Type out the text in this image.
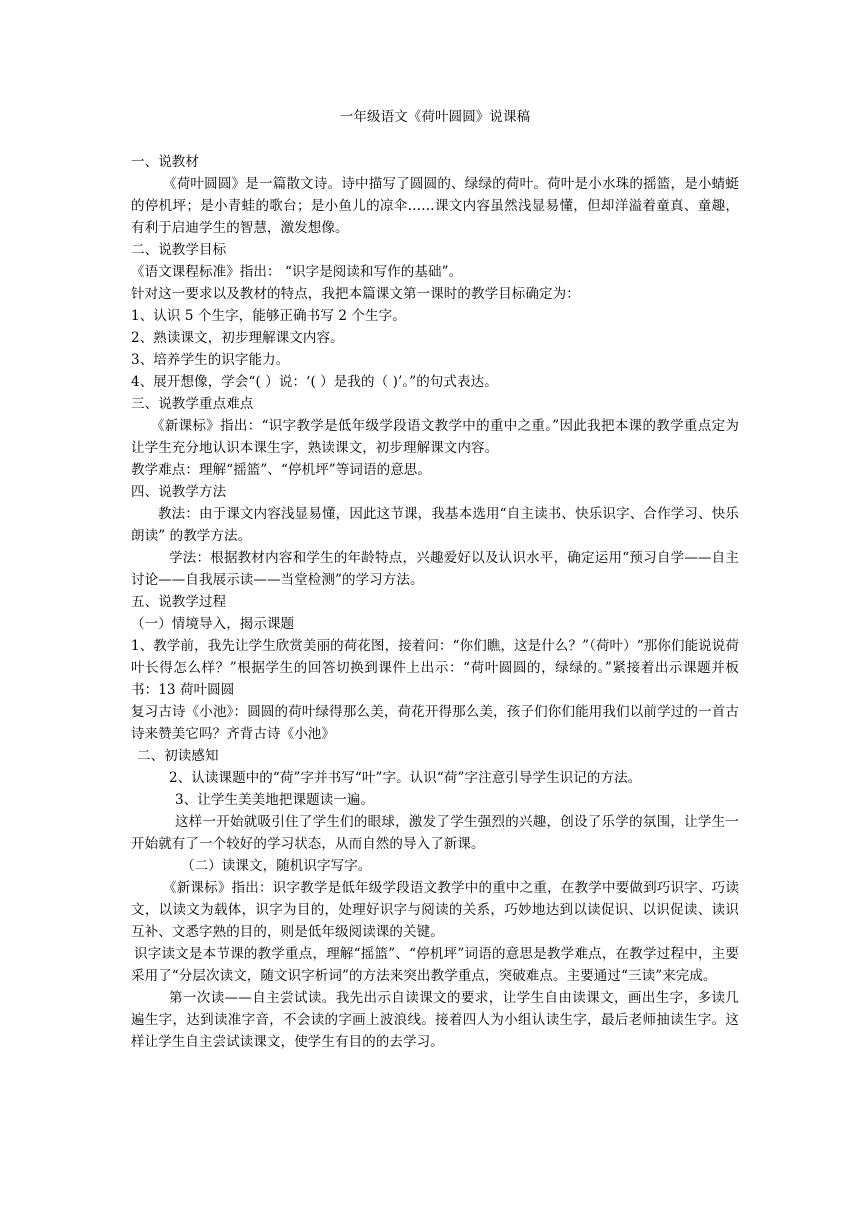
一年级语文《荷叶圆圆》说课稿

一、说教材

《荷叶圆圆》是一篇散文诗。诗中描写了圆圆的、绿绿的荷叶。荷叶是小水珠的摇篮，是小蜻蜓的停机坪；是小青蛙的歌台；是小鱼儿的凉伞……课文内容虽然浅显易懂，但却洋溢着童真、童趣，有利于启迪学生的智慧，激发想像。

二、说教学目标

《语文课程标准》指出： “识字是阅读和写作的基础”。

针对这一要求以及教材的特点，我把本篇课文第一课时的教学目标确定为：

1、认识 5 个生字，能够正确书写 2 个生字。

2、熟读课文，初步理解课文内容。

3、培养学生的识字能力。

4、展开想像，学会“( ）说：‘( ）是我的（ )’。”的句式表达。

三、说教学重点难点

《新课标》指出：“识字教学是低年级学段语文教学中的重中之重。”因此我把本课的教学重点定为让学生充分地认识本课生字，熟读课文，初步理解课文内容。

教学难点：理解“摇篮”、“停机坪”等词语的意思。

四、说教学方法

教法：由于课文内容浅显易懂，因此这节课，我基本选用“自主读书、快乐识字、合作学习、快乐朗读” 的教学方法。

学法：根据教材内容和学生的年龄特点，兴趣爱好以及认识水平，确定运用“预习自学——自主讨论——自我展示读——当堂检测”的学习方法。

五、说教学过程

（一）情境导入，揭示课题

1、教学前，我先让学生欣赏美丽的荷花图，接着问：“你们瞧，这是什么？”（荷叶）“那你们能说说荷叶长得怎么样？”根据学生的回答切换到课件上出示：“荷叶圆圆的，绿绿的。”紧接着出示课题并板书：13 荷叶圆圆

复习古诗《小池》：圆圆的荷叶绿得那么美，荷花开得那么美，孩子们你们能用我们以前学过的一首古诗来赞美它吗？齐背古诗《小池》

二、初读感知

2、认读课题中的“荷”字并书写“叶”字。认识“荷”字注意引导学生识记的方法。

3、让学生美美地把课题读一遍。

这样一开始就吸引住了学生们的眼球，激发了学生强烈的兴趣，创设了乐学的氛围，让学生一开始就有了一个较好的学习状态，从而自然的导入了新课。

（二）读课文，随机识字写字。

《新课标》指出：识字教学是低年级学段语文教学中的重中之重，在教学中要做到巧识字、巧读文，以读文为载体，识字为目的，处理好识字与阅读的关系，巧妙地达到以读促识、以识促读、读识互补、文悉字熟的目的，则是低年级阅读课的关键。

识字读文是本节课的教学重点，理解“摇篮”、“停机坪”词语的意思是教学难点，在教学过程中，主要采用了“分层次读文，随文识字析词”的方法来突出教学重点，突破难点。主要通过“三读”来完成。

第一次读——自主尝试读。我先出示自读课文的要求，让学生自由读课文，画出生字，多读几遍生字，达到读准字音，不会读的字画上波浪线。接着四人为小组认读生字，最后老师抽读生字。这样让学生自主尝试读课文，使学生有目的的去学习。
